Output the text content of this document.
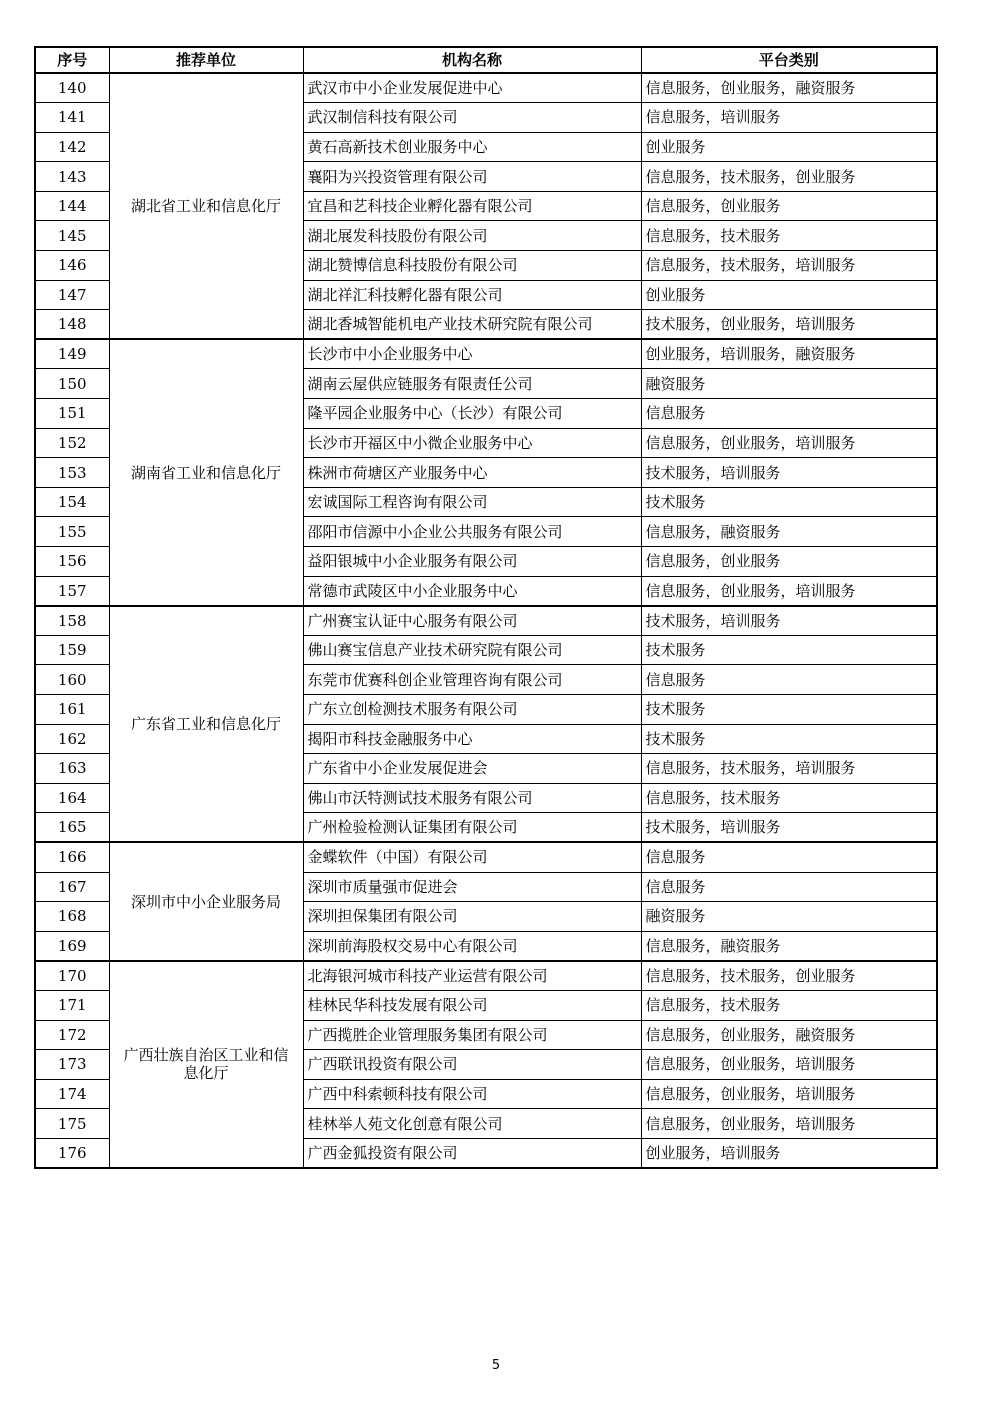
序号	推荐单位	机构名称	平台类别
140	湖北省工业和信息化厅	武汉市中小企业发展促进中心	信息服务，创业服务，融资服务
141		武汉制信科技有限公司	信息服务，培训服务
142		黄石高新技术创业服务中心	创业服务
143		襄阳为兴投资管理有限公司	信息服务，技术服务，创业服务
144		宜昌和艺科技企业孵化器有限公司	信息服务，创业服务
145		湖北展发科技股份有限公司	信息服务，技术服务
146		湖北赞博信息科技股份有限公司	信息服务，技术服务，培训服务
147		湖北祥汇科技孵化器有限公司	创业服务
148		湖北香城智能机电产业技术研究院有限公司	技术服务，创业服务，培训服务
149	湖南省工业和信息化厅	长沙市中小企业服务中心	创业服务，培训服务，融资服务
150		湖南云屋供应链服务有限责任公司	融资服务
151		隆平园企业服务中心（长沙）有限公司	信息服务
152		长沙市开福区中小微企业服务中心	信息服务，创业服务，培训服务
153		株洲市荷塘区产业服务中心	技术服务，培训服务
154		宏诚国际工程咨询有限公司	技术服务
155		邵阳市信源中小企业公共服务有限公司	信息服务，融资服务
156		益阳银城中小企业服务有限公司	信息服务，创业服务
157		常德市武陵区中小企业服务中心	信息服务，创业服务，培训服务
158	广东省工业和信息化厅	广州赛宝认证中心服务有限公司	技术服务，培训服务
159		佛山赛宝信息产业技术研究院有限公司	技术服务
160		东莞市优赛科创企业管理咨询有限公司	信息服务
161		广东立创检测技术服务有限公司	技术服务
162		揭阳市科技金融服务中心	技术服务
163		广东省中小企业发展促进会	信息服务，技术服务，培训服务
164		佛山市沃特测试技术服务有限公司	信息服务，技术服务
165		广州检验检测认证集团有限公司	技术服务，培训服务
166	深圳市中小企业服务局	金蝶软件（中国）有限公司	信息服务
167		深圳市质量强市促进会	信息服务
168		深圳担保集团有限公司	融资服务
169		深圳前海股权交易中心有限公司	信息服务，融资服务
170	广西壮族自治区工业和信息化厅	北海银河城市科技产业运营有限公司	信息服务，技术服务，创业服务
171		桂林民华科技发展有限公司	信息服务，技术服务
172		广西揽胜企业管理服务集团有限公司	信息服务，创业服务，融资服务
173		广西联讯投资有限公司	信息服务，创业服务，培训服务
174		广西中科索顿科技有限公司	信息服务，创业服务，培训服务
175		桂林举人苑文化创意有限公司	信息服务，创业服务，培训服务
176		广西金狐投资有限公司	创业服务，培训服务
5
